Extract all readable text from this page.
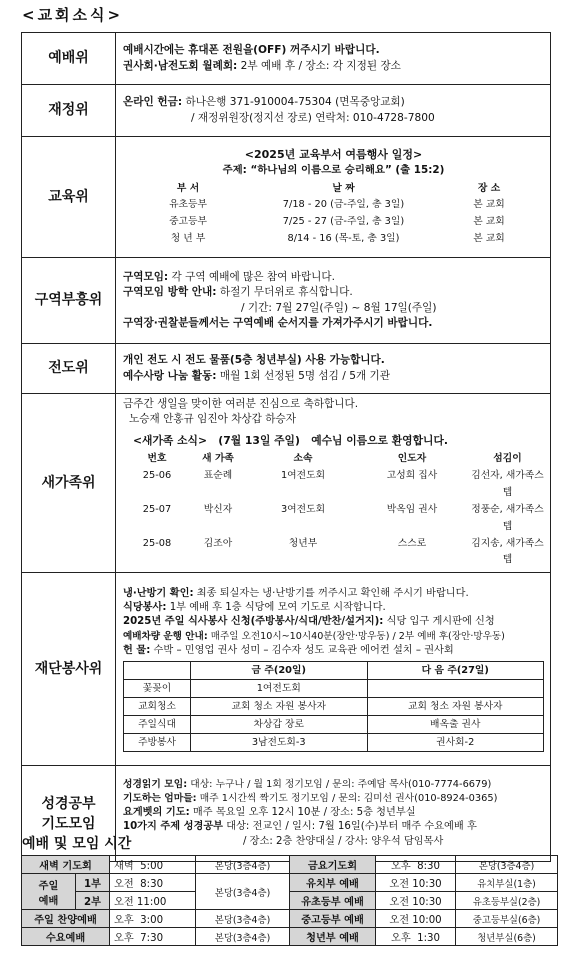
<교회소식>
예배위	예배시간에는 휴대폰 전원을(OFF) 꺼주시기 바랍니다.
권사회·남전도회 월례회: 2부 예배 후 / 장소: 각 지정된 장소

재정위	온라인 헌금: 하나은행 371-910004-75304 (면목중앙교회)
/ 재정위원장(정지선 장로) 연락처: 010-4728-7800

교육위	
<2025년 교육부서 여름행사 일정>
주제: “하나님의 이름으로 승리해요” (출 15:2)
부 서	날 짜	장 소
유초등부	7/18 - 20 (금-주일, 총 3일)	본 교회
중고등부	7/25 - 27 (금-주일, 총 3일)	본 교회
청 년 부	8/14 - 16 (목-토, 총 3일)	본 교회

구역부흥위	
구역모임: 각 구역 예배에 많은 참여 바랍니다.
구역모임 방학 안내: 하절기 무더위로 휴식합니다.
/ 기간: 7월 27일(주일) ~ 8월 17일(주일)
구역장·권찰분들께서는 구역예배 순서지를 가져가주시기 바랍니다.

전도위	개인 전도 시 전도 물품(5층 청년부실) 사용 가능합니다.
예수사랑 나눔 활동: 매월 1회 선정된 5명 섬김 / 5개 기관

새가족위	
금주간 생일을 맞이한 여러분 진심으로 축하합니다.
노승재 안홍규 임진아 차상갑 하승자
<새가족 소식>   (7월 13일 주일)   예수님 이름으로 환영합니다.
번호	새 가족	소속	인도자	섬김이
25-06	표순례	1여전도회	고성희 집사	김선자, 새가족스텝
25-07	박신자	3여전도회	박옥임 권사	정풍순, 새가족스텝
25-08	김조아	청년부	스스로	김지송, 새가족스텝

재단봉사위	
냉·난방기 확인: 최종 퇴실자는 냉·난방기를 꺼주시고 확인해 주시기 바랍니다.
식당봉사: 1부 예배 후 1층 식당에 모여 기도로 시작합니다.
2025년 주일 식사봉사 신청(주방봉사/식대/반찬/설거지): 식당 입구 게시판에 신청
예배차량 운행 안내: 매주일 오전10시~10시40분(장안·망우동) / 2부 예배 후(장안·망우동)
헌 물: 수박 – 민영업 권사 성미 – 김수자 성도 교육관 에어컨 설치 – 권사회
	금 주(20일)	다 음 주(27일)
꽃꽂이	1여전도회	
교회청소	교회 청소 자원 봉사자	교회 청소 자원 봉사자
주일식대	차상갑 장로	배옥출 권사
주방봉사	3남전도회-3	권사회-2

성경공부
기도모임

성경읽기 모임: 대상: 누구나 / 월 1회 정기모임 / 문의: 주예담 목사(010-7774-6679)
기도하는 엄마들: 매주 1시간씩 짝기도 정기모임 / 문의: 김미선 권사(010-8924-0365)
요게벳의 기도: 매주 목요일 오후 12시 10분 / 장소: 5층 청년부실
10가지 주제 성경공부 대상: 전교인 / 일시: 7월 16일(수)부터 매주 수요예배 후
/ 장소: 2층 찬양대실 / 강사: 양우석 담임목사
예배 및 모임 시간
새벽 기도회		새벽  5:00	본당(3층4층)	금요기도회	오후  8:30	본당(3층4층)

주일
예배	1부	오전  8:30	본당(3층4층)	유치부 예배	오전 10:30	유치부실(1층)
	2부	오전 11:00		유초등부 예배	오전 10:30	유초등부실(2층)
주일 찬양예배		오후  3:00	본당(3층4층)	중고등부 예배	오전 10:00	중고등부실(6층)
수요예배		오후  7:30	본당(3층4층)	청년부 예배	오후  1:30	청년부실(6층)
